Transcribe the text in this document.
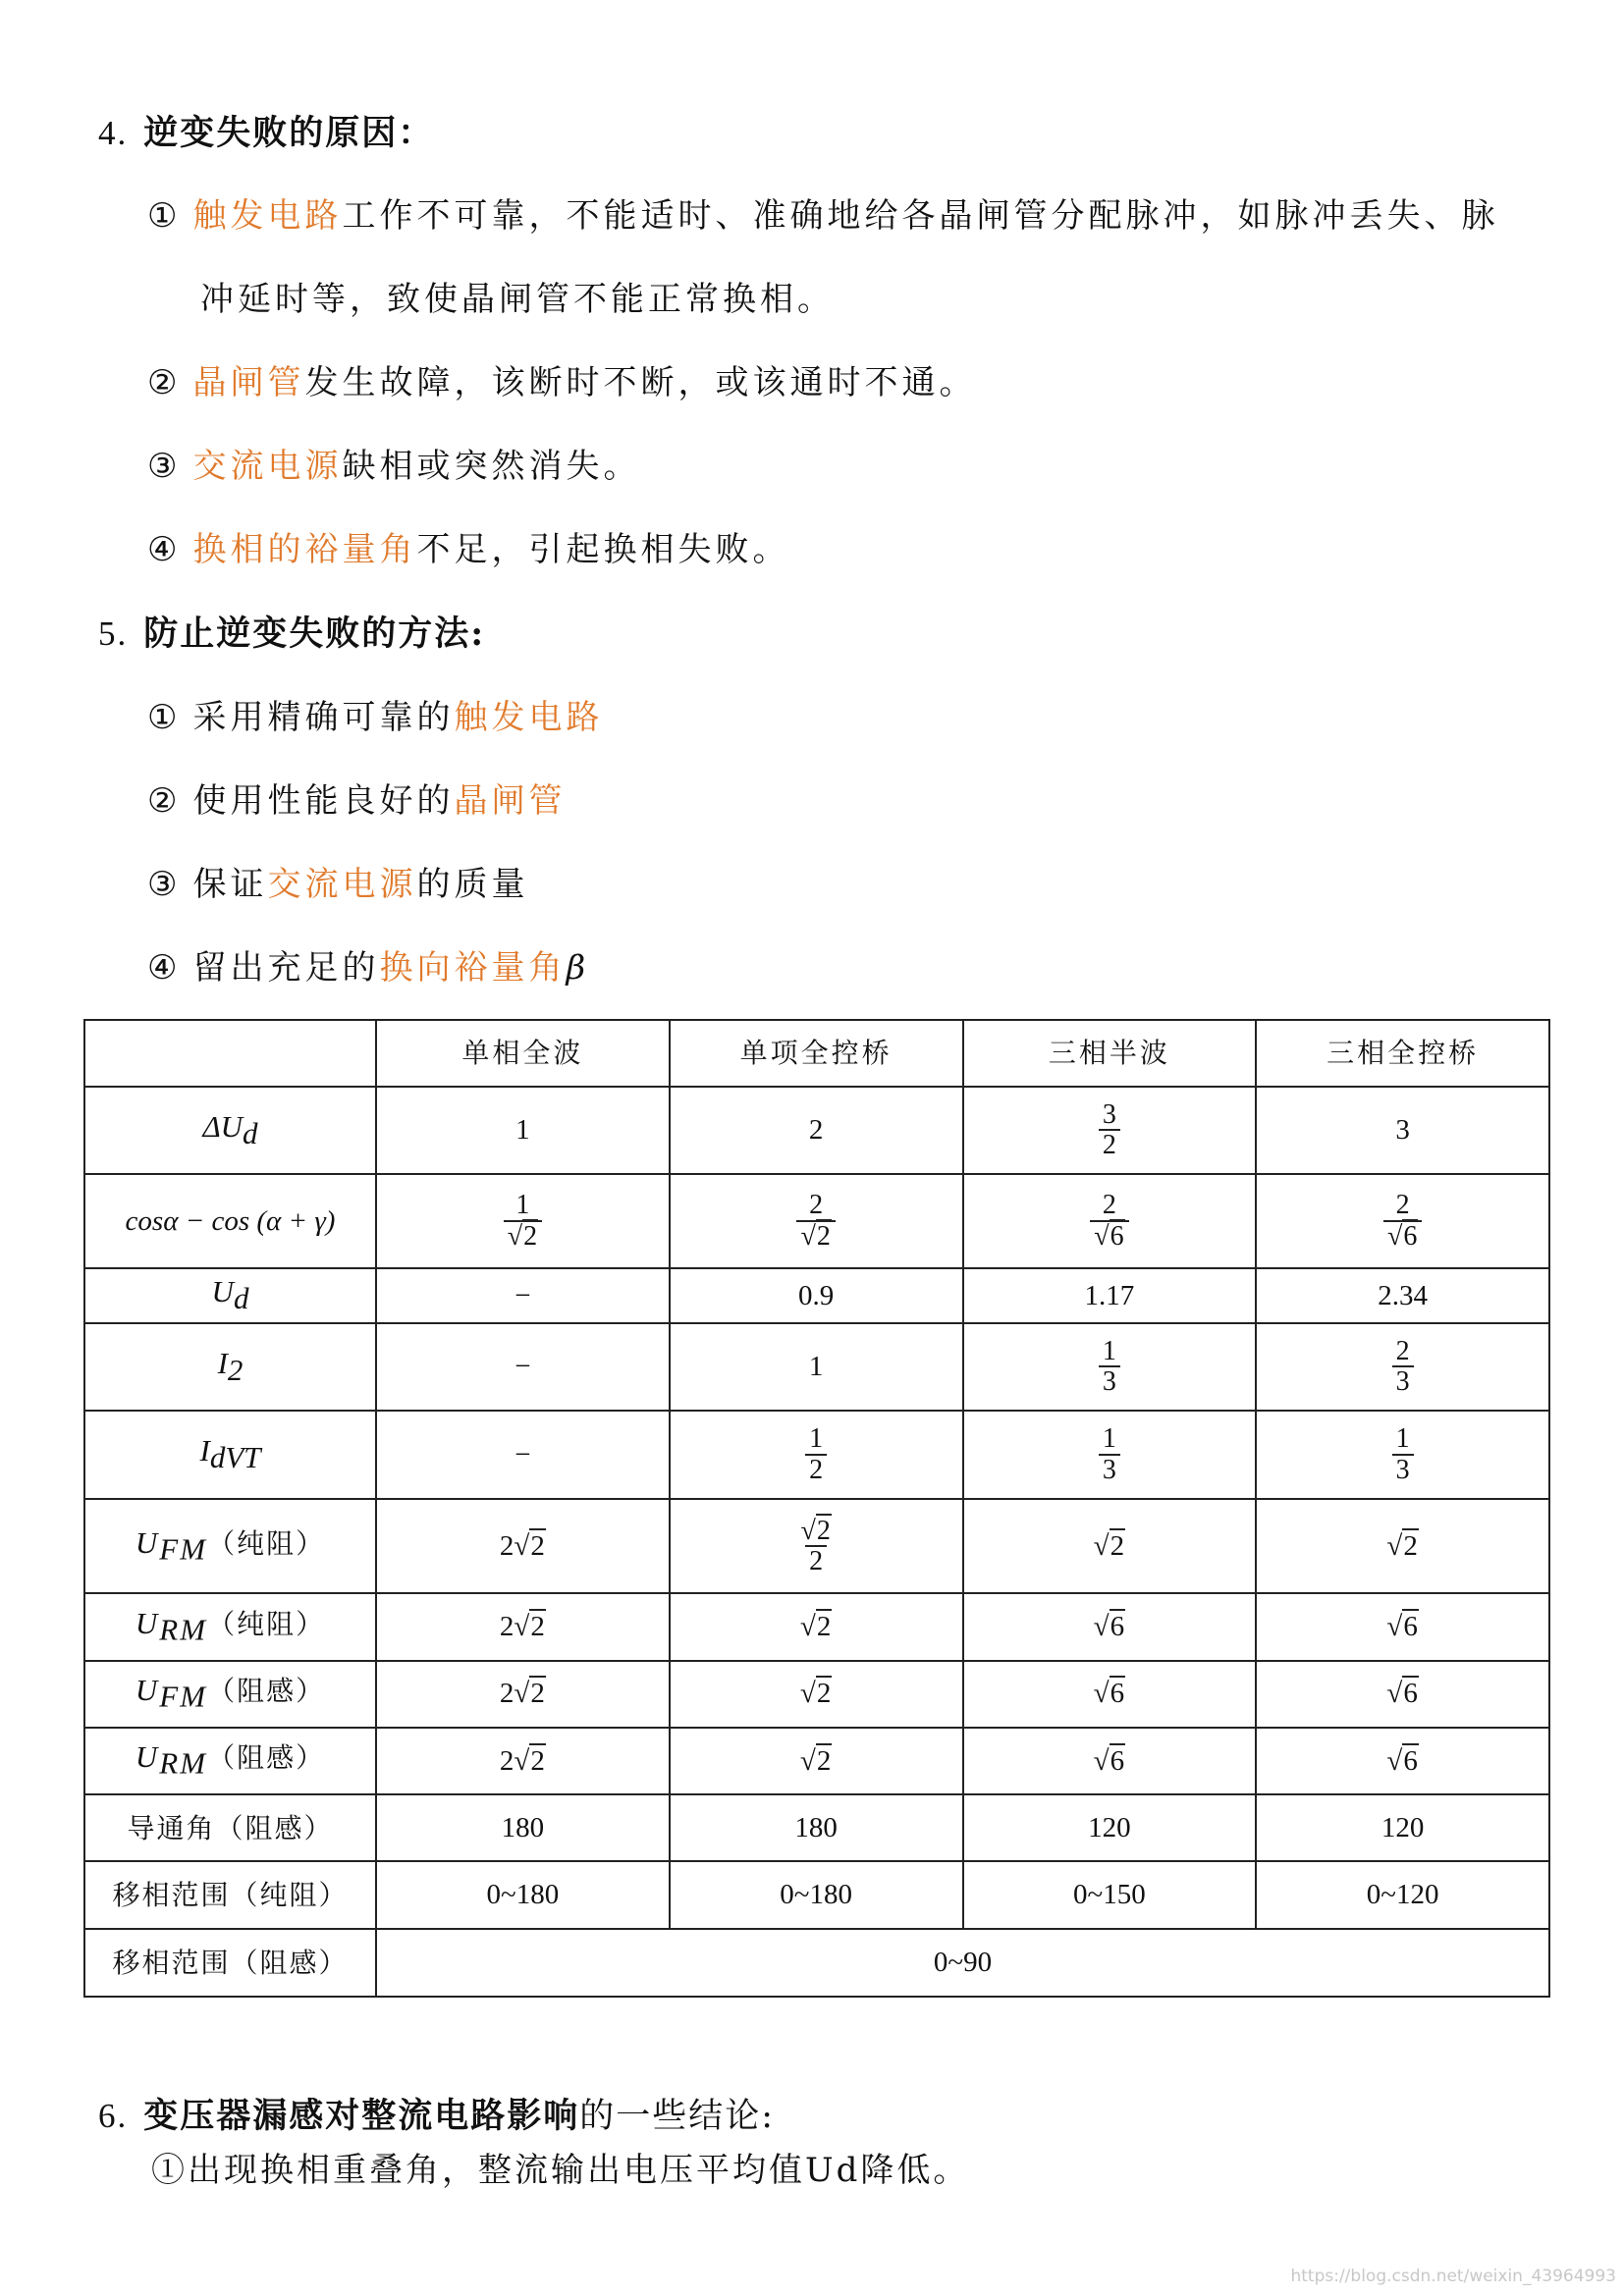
4. 逆变失败的原因：
① 触发电路工作不可靠，不能适时、准确地给各晶闸管分配脉冲，如脉冲丢失、脉
冲延时等，致使晶闸管不能正常换相。
② 晶闸管发生故障，该断时不断，或该通时不通。
③ 交流电源缺相或突然消失。
④ 换相的裕量角不足，引起换相失败。
5. 防止逆变失败的方法:
① 采用精确可靠的触发电路
② 使用性能良好的晶闸管
③ 保证交流电源的质量
④ 留出充足的换向裕量角β
	单相全波	单项全控桥	三相半波	三相全控桥
$\Delta U_d$	1	2	$\frac{3}{2}$	3
cosα − cos (α + γ)	$\frac{1}{√2}$	$\frac{2}{√2}$	$\frac{2}{√6}$	$\frac{2}{√6}$

$U_d$	−	0.9	1.17	2.34
$I_2$	−	1	$\frac{1}{3}$	$\frac{2}{3}$

$I_{dVT}$	−	$\frac{1}{2}$	$\frac{1}{3}$	$\frac{1}{3}$

$U_{FM}$（纯阻）	2√2	$\frac{√2}{2}$	√2	√2
$U_{RM}$（纯阻）	2√2	√2	√6	√6
$U_{FM}$（阻感）	2√2	√2	√6	√6
$U_{RM}$（阻感）	2√2	√2	√6	√6
导通角（阻感）	180	180	120	120
移相范围（纯阻）	0~180	0~180	0~150	0~120
移相范围（阻感）	0~90			
6. 变压器漏感对整流电路影响的一些结论:
①出现换相重叠角，整流输出电压平均值Ud降低。
https://blog.csdn.net/weixin_43964993
